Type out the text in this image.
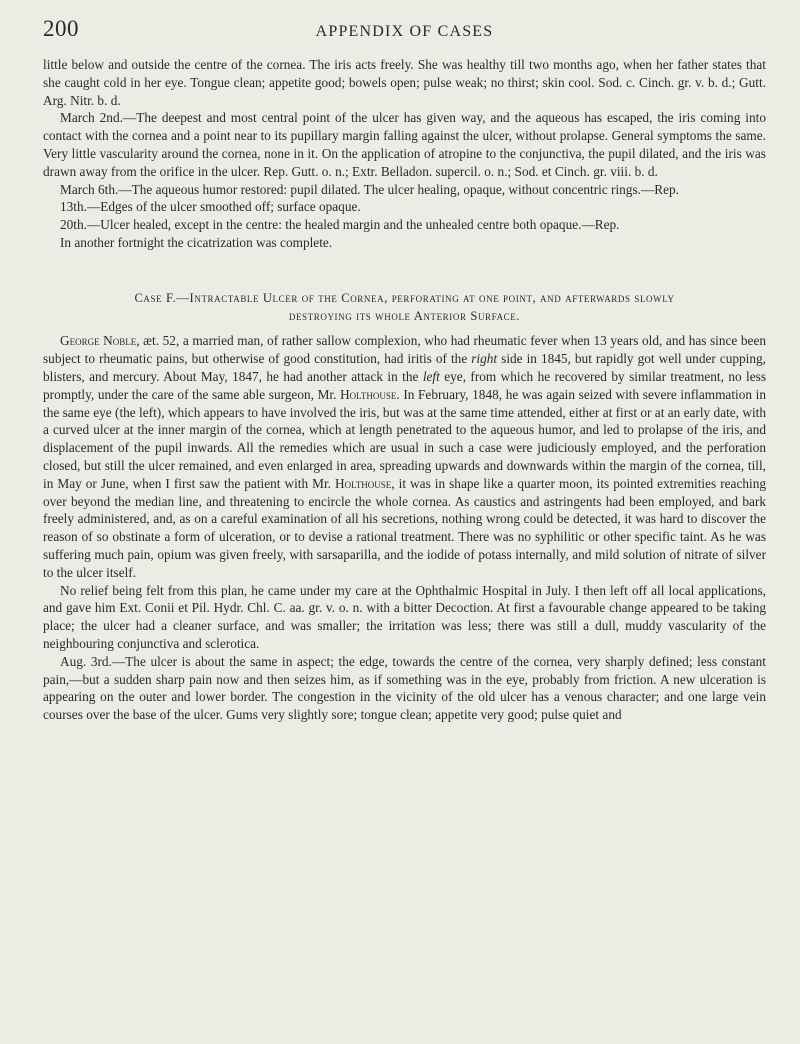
200	APPENDIX OF CASES

little below and outside the centre of the cornea. The iris acts freely. She was healthy till two months ago, when her father states that she caught cold in her eye. Tongue clean; appetite good; bowels open; pulse weak; no thirst; skin cool. Sod. c. Cinch. gr. v. b. d.; Gutt. Arg. Nitr. b. d.

March 2nd.—The deepest and most central point of the ulcer has given way, and the aqueous has escaped, the iris coming into contact with the cornea and a point near to its pupillary margin falling against the ulcer, without prolapse. General symptoms the same. Very little vascularity around the cornea, none in it. On the application of atropine to the conjunctiva, the pupil dilated, and the iris was drawn away from the orifice in the ulcer. Rep. Gutt. o. n.; Extr. Belladon. supercil. o. n.; Sod. et Cinch. gr. viii. b. d.

March 6th.—The aqueous humor restored: pupil dilated. The ulcer healing, opaque, without concentric rings.—Rep.

13th.—Edges of the ulcer smoothed off; surface opaque.

20th.—Ulcer healed, except in the centre: the healed margin and the unhealed centre both opaque.—Rep.

In another fortnight the cicatrization was complete.

Case F.—Intractable Ulcer of the Cornea, perforating at one point, and afterwards slowly
destroying its whole Anterior Surface.

George Noble, æt. 52, a married man, of rather sallow complexion, who had rheumatic fever when 13 years old, and has since been subject to rheumatic pains, but otherwise of good constitution, had iritis of the right side in 1845, but rapidly got well under cupping, blisters, and mercury. About May, 1847, he had another attack in the left eye, from which he recovered by similar treatment, no less promptly, under the care of the same able surgeon, Mr. Holthouse. In February, 1848, he was again seized with severe inflammation in the same eye (the left), which appears to have involved the iris, but was at the same time attended, either at first or at an early date, with a curved ulcer at the inner margin of the cornea, which at length penetrated to the aqueous humor, and led to prolapse of the iris, and displacement of the pupil inwards. All the remedies which are usual in such a case were judiciously employed, and the perforation closed, but still the ulcer remained, and even enlarged in area, spreading upwards and downwards within the margin of the cornea, till, in May or June, when I first saw the patient with Mr. Holthouse, it was in shape like a quarter moon, its pointed extremities reaching over beyond the median line, and threatening to encircle the whole cornea. As caustics and astringents had been employed, and bark freely administered, and, as on a careful examination of all his secretions, nothing wrong could be detected, it was hard to discover the reason of so obstinate a form of ulceration, or to devise a rational treatment. There was no syphilitic or other specific taint. As he was suffering much pain, opium was given freely, with sarsaparilla, and the iodide of potass internally, and mild solution of nitrate of silver to the ulcer itself.

No relief being felt from this plan, he came under my care at the Ophthalmic Hospital in July. I then left off all local applications, and gave him Ext. Conii et Pil. Hydr. Chl. C. aa. gr. v. o. n. with a bitter Decoction. At first a favourable change appeared to be taking place; the ulcer had a cleaner surface, and was smaller; the irritation was less; there was still a dull, muddy vascularity of the neighbouring conjunctiva and sclerotica.

Aug. 3rd.—The ulcer is about the same in aspect; the edge, towards the centre of the cornea, very sharply defined; less constant pain,—but a sudden sharp pain now and then seizes him, as if something was in the eye, probably from friction. A new ulceration is appearing on the outer and lower border. The congestion in the vicinity of the old ulcer has a venous character; and one large vein courses over the base of the ulcer. Gums very slightly sore; tongue clean; appetite very good; pulse quiet and
